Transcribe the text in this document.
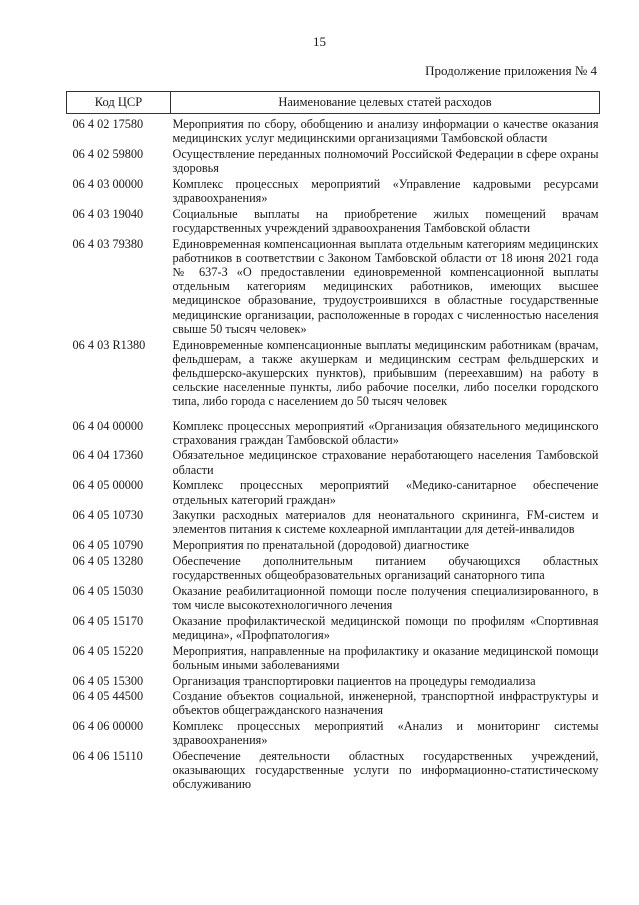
15
Продолжение приложения № 4
Код ЦСР	Наименование целевых статей расходов
06 4 02 17580	Мероприятия по сбору, обобщению и анализу информации о качестве оказания медицинских услуг медицинскими организациями Тамбовской области
06 4 02 59800	Осуществление переданных полномочий Российской Федерации в сфере охраны здоровья
06 4 03 00000	Комплекс процессных мероприятий «Управление кадровыми ресурсами здравоохранения»
06 4 03 19040	Социальные выплаты на приобретение жилых помещений врачам государственных учреждений здравоохранения Тамбовской области
06 4 03 79380	Единовременная компенсационная выплата отдельным категориям медицинских работников в соответствии с Законом Тамбовской области от 18 июня 2021 года № 637-З «О предоставлении единовременной компенсационной выплаты отдельным категориям медицинских работников, имеющих высшее медицинское образование, трудоустроившихся в областные государственные медицинские организации, расположенные в городах с численностью населения свыше 50 тысяч человек»
06 4 03 R1380	Единовременные компенсационные выплаты медицинским работникам (врачам, фельдшерам, а также акушеркам и медицинским сестрам фельдшерских и фельдшерско-акушерских пунктов), прибывшим (переехавшим) на работу в сельские населенные пункты, либо рабочие поселки, либо поселки городского типа, либо города с населением до 50 тысяч человек
06 4 04 00000	Комплекс процессных мероприятий «Организация обязательного медицинского страхования граждан Тамбовской области»
06 4 04 17360	Обязательное медицинское страхование неработающего населения Тамбовской области
06 4 05 00000	Комплекс процессных мероприятий «Медико-санитарное обеспечение отдельных категорий граждан»
06 4 05 10730	Закупки расходных материалов для неонатального скрининга, FM-систем и элементов питания к системе кохлеарной имплантации для детей-инвалидов
06 4 05 10790	Мероприятия по пренатальной (дородовой) диагностике
06 4 05 13280	Обеспечение дополнительным питанием обучающихся областных государственных общеобразовательных организаций санаторного типа
06 4 05 15030	Оказание реабилитационной помощи после получения специализированного, в том числе высокотехнологичного лечения
06 4 05 15170	Оказание профилактической медицинской помощи по профилям «Спортивная медицина», «Профпатология»
06 4 05 15220	Мероприятия, направленные на профилактику и оказание медицинской помощи больным иными заболеваниями
06 4 05 15300	Организация транспортировки пациентов на процедуры гемодиализа
06 4 05 44500	Создание объектов социальной, инженерной, транспортной инфраструктуры и объектов общегражданского назначения
06 4 06 00000	Комплекс процессных мероприятий «Анализ и мониторинг системы здравоохранения»
06 4 06 15110	Обеспечение деятельности областных государственных учреждений, оказывающих государственные услуги по информационно-статистическому обслуживанию
